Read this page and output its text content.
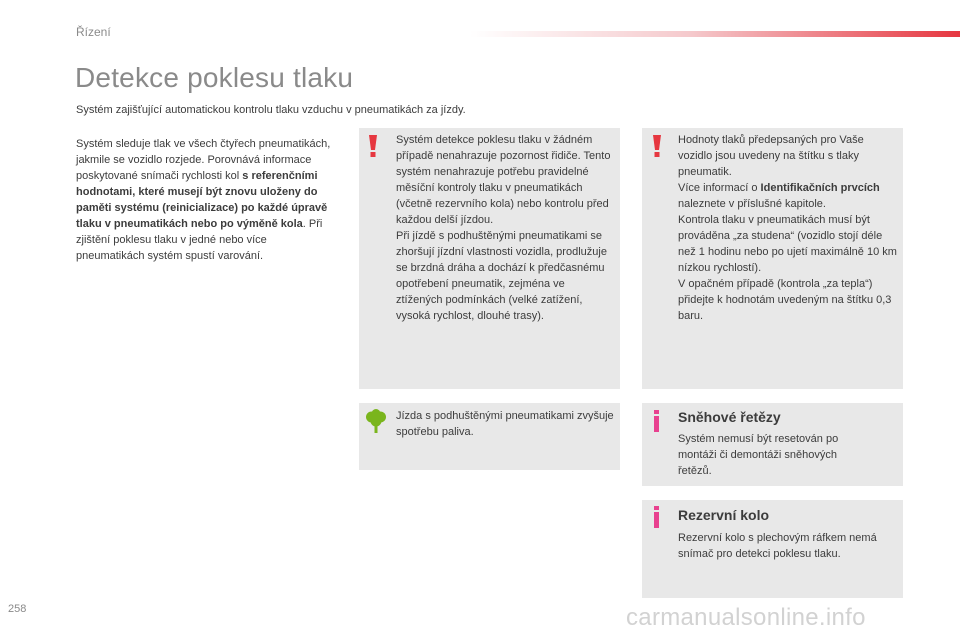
Řízení
Detekce poklesu tlaku
Systém zajišťující automatickou kontrolu tlaku vzduchu v pneumatikách za jízdy.
Systém sleduje tlak ve všech čtyřech pneumatikách, jakmile se vozidlo rozjede. Porovnává informace poskytované snímači rychlosti kol s referenčními hodnotami, které musejí být znovu uloženy do paměti systému (reinicializace) po každé úpravě tlaku v pneumatikách nebo po výměně kola. Při zjištění poklesu tlaku v jedné nebo více pneumatikách systém spustí varování.
Systém detekce poklesu tlaku v žádném případě nenahrazuje pozornost řidiče. Tento systém nenahrazuje potřebu pravidelné měsíční kontroly tlaku v pneumatikách (včetně rezervního kola) nebo kontrolu před každou delší jízdou.
Při jízdě s podhuštěnými pneumatikami se zhoršují jízdní vlastnosti vozidla, prodlužuje se brzdná dráha a dochází k předčasnému opotřebení pneumatik, zejména ve ztížených podmínkách (velké zatížení, vysoká rychlost, dlouhé trasy).
Hodnoty tlaků předepsaných pro Vaše vozidlo jsou uvedeny na štítku s tlaky pneumatik.
Více informací o Identifikačních prvcích naleznete v příslušné kapitole.
Kontrola tlaku v pneumatikách musí být prováděna „za studena“ (vozidlo stojí déle než 1 hodinu nebo po ujetí maximálně 10 km nízkou rychlostí).
V opačném případě (kontrola „za tepla“) přidejte k hodnotám uvedeným na štítku 0,3 baru.
Jízda s podhuštěnými pneumatikami zvyšuje spotřebu paliva.
Sněhové řetězy
Systém nemusí být resetován po montáži či demontáži sněhových řetězů.
Rezervní kolo
Rezervní kolo s plechovým ráfkem nemá snímač pro detekci poklesu tlaku.
258	carmanualsonline.info
